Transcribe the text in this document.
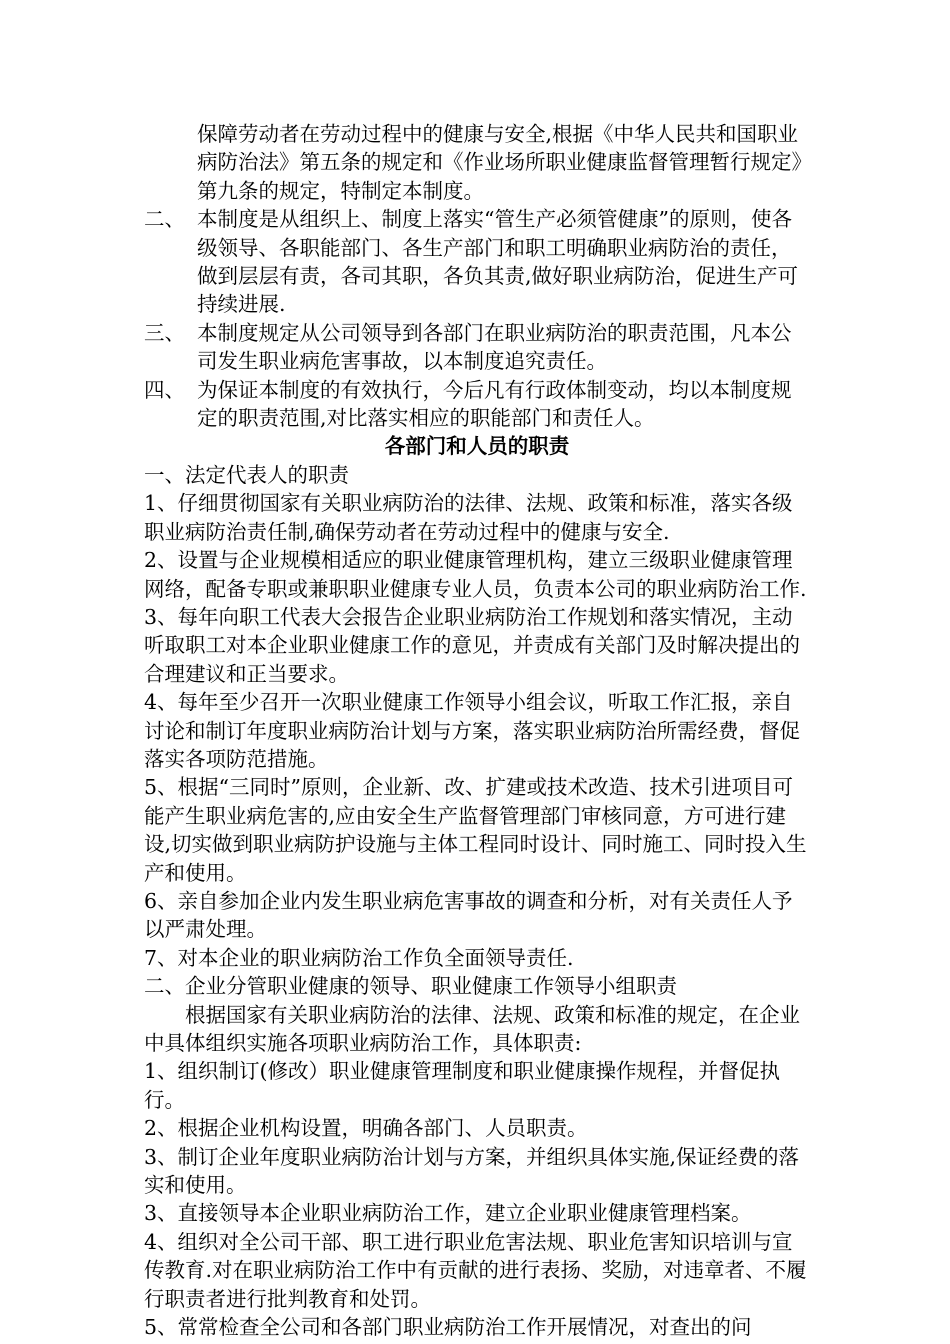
保障劳动者在劳动过程中的健康与安全,根据《中华人民共和国职业病防治法》第五条的规定和《作业场所职业健康监督管理暂行规定》第九条的规定，特制定本制度。

二、 本制度是从组织上、制度上落实“管生产必须管健康”的原则，使各级领导、各职能部门、各生产部门和职工明确职业病防治的责任，做到层层有责，各司其职，各负其责,做好职业病防治，促进生产可持续进展.

三、 本制度规定从公司领导到各部门在职业病防治的职责范围，凡本公司发生职业病危害事故，以本制度追究责任。

四、 为保证本制度的有效执行，今后凡有行政体制变动，均以本制度规定的职责范围,对比落实相应的职能部门和责任人。

各部门和人员的职责

一、法定代表人的职责

1、仔细贯彻国家有关职业病防治的法律、法规、政策和标准，落实各级职业病防治责任制,确保劳动者在劳动过程中的健康与安全.

2、设置与企业规模相适应的职业健康管理机构，建立三级职业健康管理网络，配备专职或兼职职业健康专业人员，负责本公司的职业病防治工作.

3、每年向职工代表大会报告企业职业病防治工作规划和落实情况，主动听取职工对本企业职业健康工作的意见，并责成有关部门及时解决提出的合理建议和正当要求。

4、每年至少召开一次职业健康工作领导小组会议，听取工作汇报，亲自讨论和制订年度职业病防治计划与方案，落实职业病防治所需经费，督促落实各项防范措施。

5、根据“三同时”原则，企业新、改、扩建或技术改造、技术引进项目可能产生职业病危害的,应由安全生产监督管理部门审核同意，方可进行建设,切实做到职业病防护设施与主体工程同时设计、同时施工、同时投入生产和使用。

6、亲自参加企业内发生职业病危害事故的调查和分析，对有关责任人予以严肃处理。

7、对本企业的职业病防治工作负全面领导责任.

二、企业分管职业健康的领导、职业健康工作领导小组职责

根据国家有关职业病防治的法律、法规、政策和标准的规定，在企业中具体组织实施各项职业病防治工作，具体职责:

1、组织制订(修改）职业健康管理制度和职业健康操作规程，并督促执行。

2、根据企业机构设置，明确各部门、人员职责。

3、制订企业年度职业病防治计划与方案，并组织具体实施,保证经费的落实和使用。

3、直接领导本企业职业病防治工作，建立企业职业健康管理档案。

4、组织对全公司干部、职工进行职业危害法规、职业危害知识培训与宣传教育.对在职业病防治工作中有贡献的进行表扬、奖励，对违章者、不履行职责者进行批判教育和处罚。

5、常常检查全公司和各部门职业病防治工作开展情况，对查出的问
